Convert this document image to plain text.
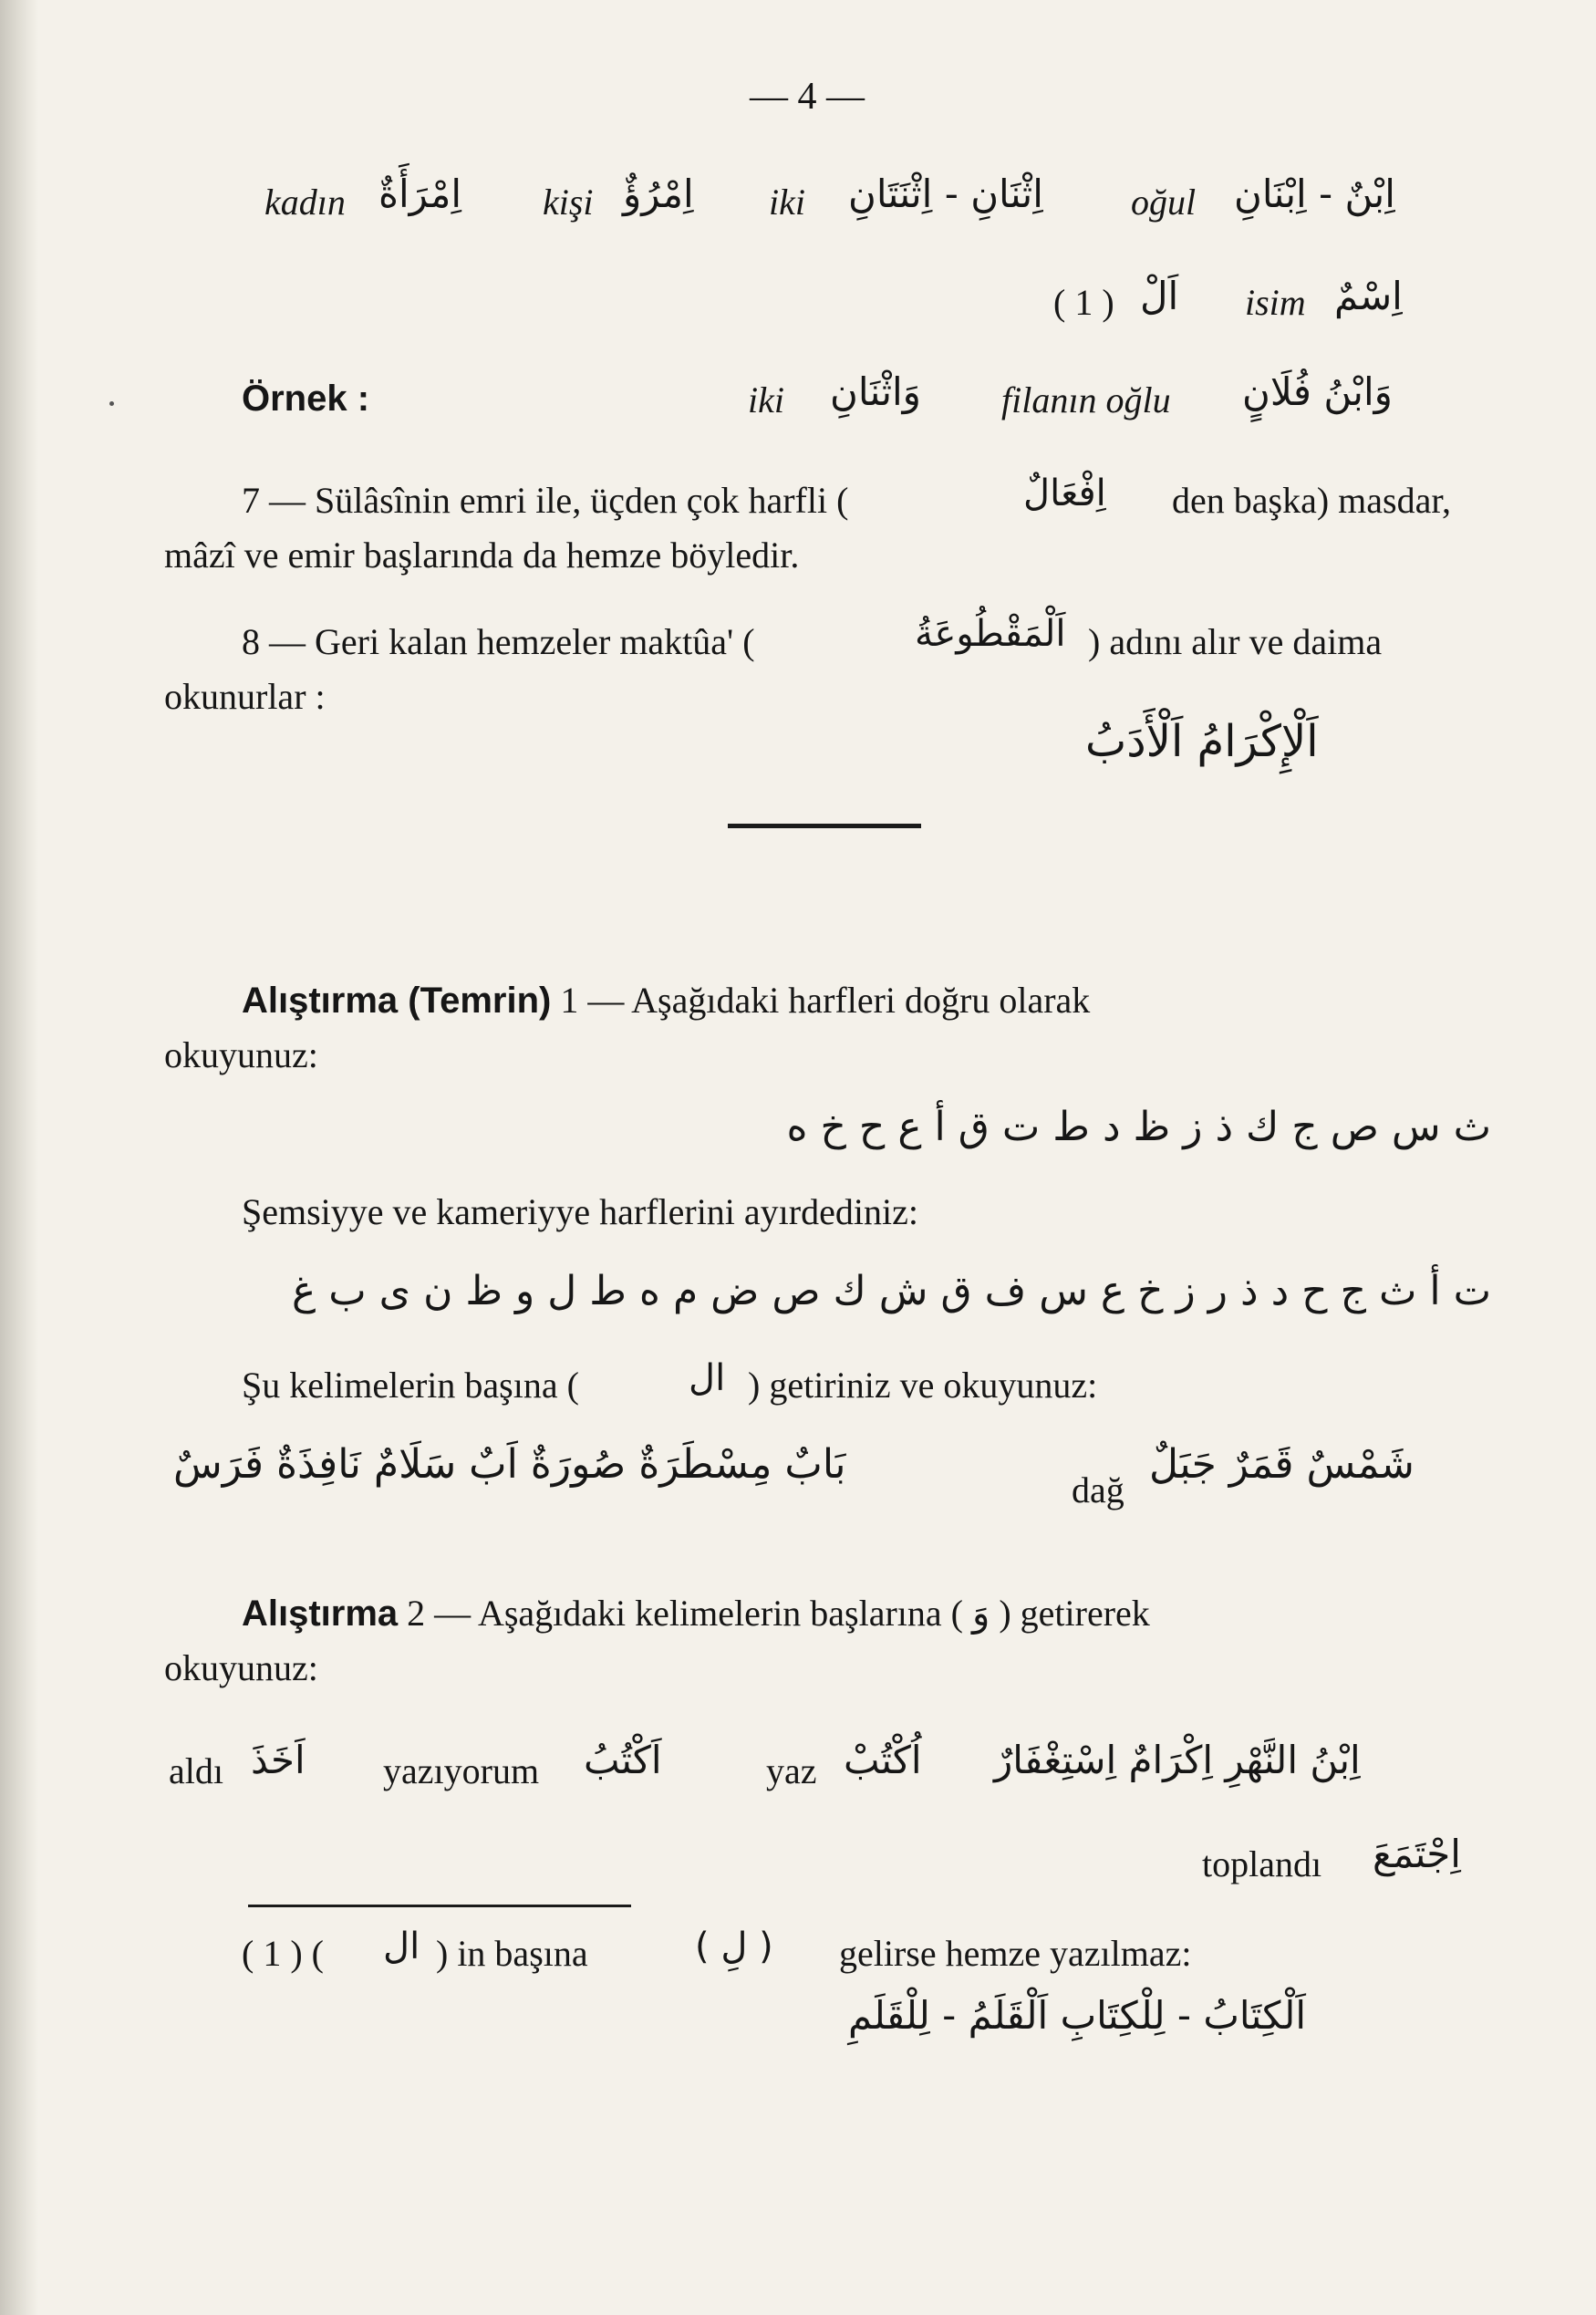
— 4 —
kadın اِمْرَأَةٌ kişi اِمْرُؤٌ iki اِثْنَانِ - اِثْنَتَانِ oğul اِبْنٌ - اِبْنَانِ
( 1 ) اَلْ isim اِسْمٌ
Örnek :	iki وَاثْنَانِ filanın oğlu وَابْنُ فُلَانٍ
7 — Sülâsînin emri ile, üçden çok harfli (	اِفْعَالٌ den başka) masdar,
mâzî ve emir başlarında da hemze böyledir.
8 — Geri kalan hemzeler maktûa' (	اَلْمَقْطُوعَةُ ) adını alır ve daima
okunurlar :
اَلْإِكْرَامُ اَلْأَدَبُ
Alıştırma (Temrin) 1 — Aşağıdaki harfleri doğru olarak
okuyunuz:
ث س ص ج ك ذ ز ظ د ط ت ق أ ع ح خ ه
Şemsiyye ve kameriyye harflerini ayırdediniz:
ت أ ث ج ح د ذ ر ز خ ع س ف ق ش ك ص ض م ه ط ل و ظ ن ى ب غ
Şu kelimelerin başına (	ال ) getiriniz ve okuyunuz:
شَمْسٌ قَمَرٌ جَبَلٌ
dağ
بَابٌ مِسْطَرَةٌ صُورَةٌ اَبٌ سَلَامٌ نَافِذَةٌ فَرَسٌ
Alıştırma 2 — Aşağıdaki kelimelerin başlarına ( وَ ) getirerek
okuyunuz:
aldı اَخَذَ yazıyorum اَكْتُبُ	yaz اُكْتُبْ اِبْنُ النَّهْرِ اِكْرَامٌ اِسْتِغْفَارٌ
toplandı اِجْتَمَعَ
( 1 ) ( ال ) in başına	( لِ ) gelirse hemze yazılmaz:
اَلْكِتَابُ - لِلْكِتَابِ اَلْقَلَمُ - لِلْقَلَمِ
